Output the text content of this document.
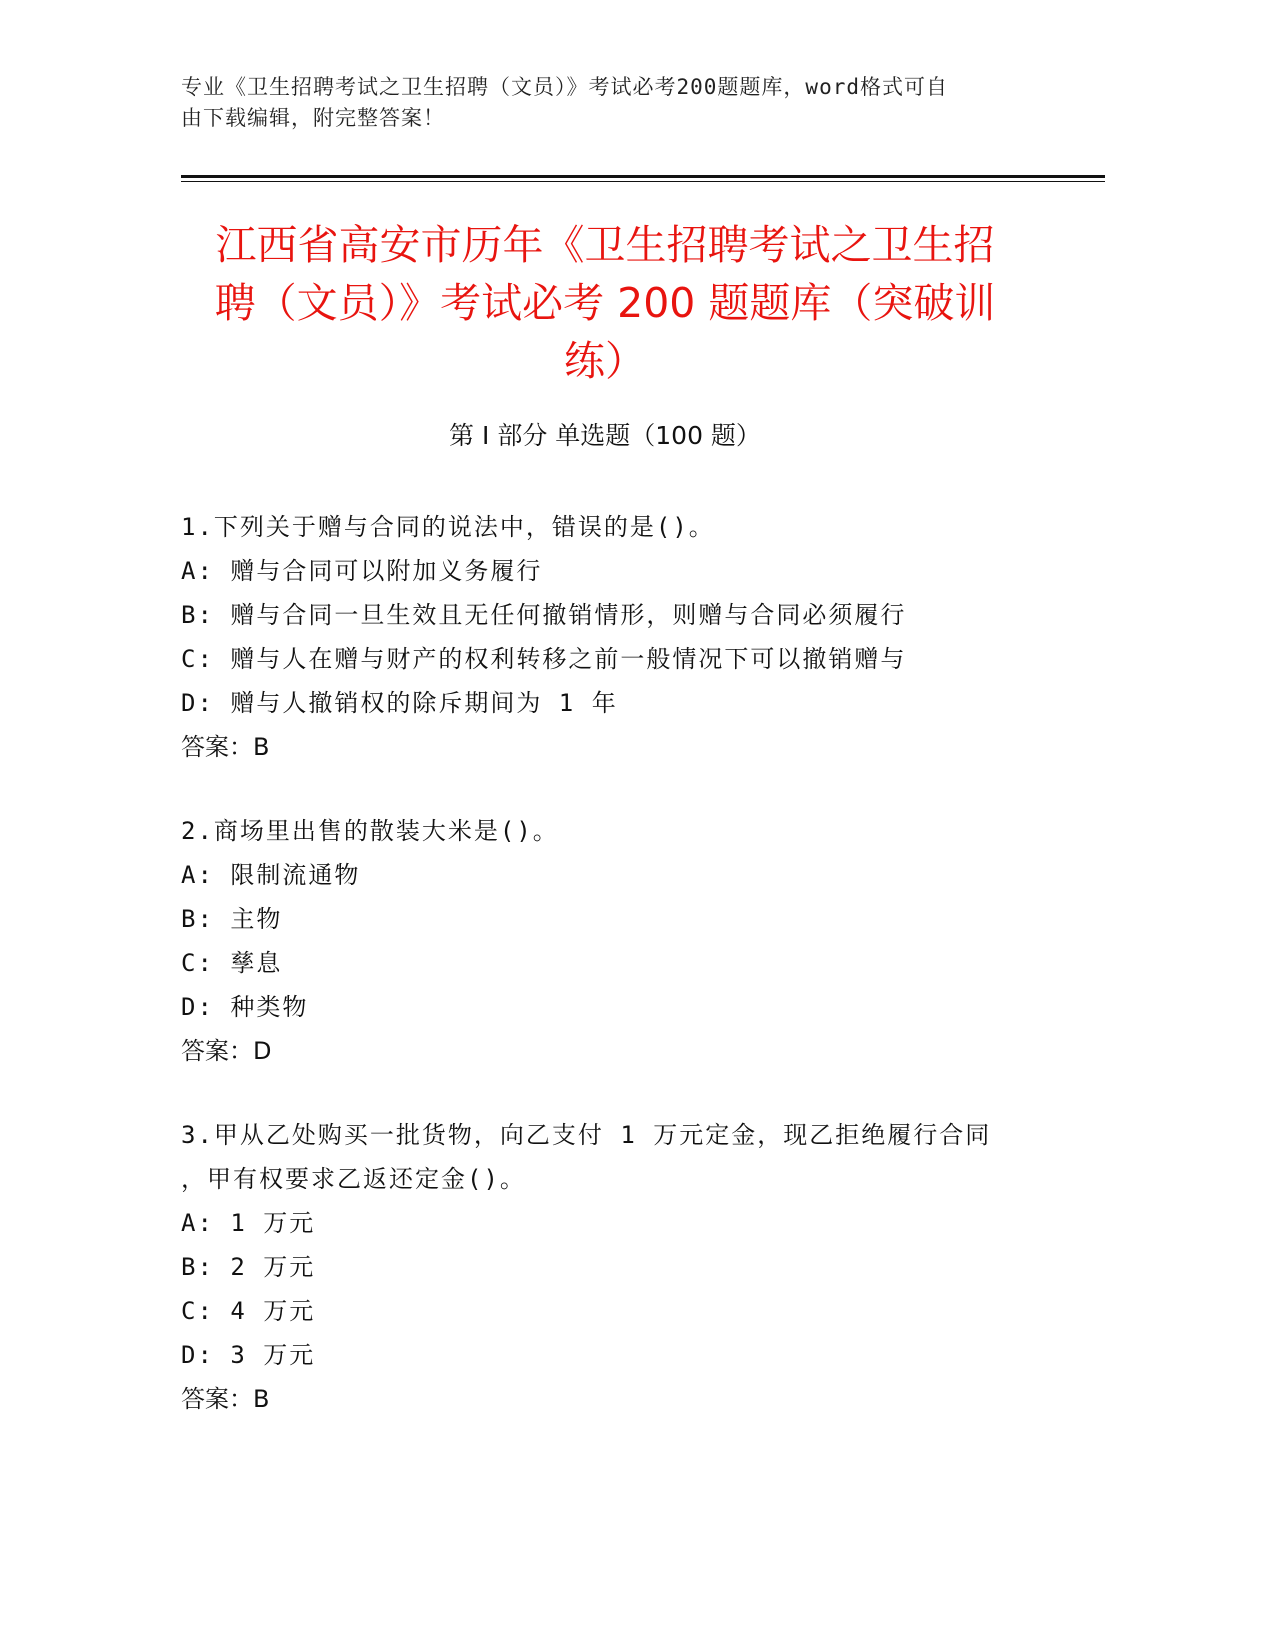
专业《卫生招聘考试之卫生招聘（文员）》考试必考200题题库，word格式可自
由下载编辑，附完整答案！
江西省高安市历年《卫生招聘考试之卫生招
聘（文员）》考试必考 200 题题库（突破训
练）
第 I 部分 单选题（100 题）
1.下列关于赠与合同的说法中，错误的是()。
A: 赠与合同可以附加义务履行
B: 赠与合同一旦生效且无任何撤销情形，则赠与合同必须履行
C: 赠与人在赠与财产的权利转移之前一般情况下可以撤销赠与
D: 赠与人撤销权的除斥期间为 1 年
答案：B
2.商场里出售的散装大米是()。
A: 限制流通物
B: 主物
C: 孳息
D: 种类物
答案：D
3.甲从乙处购买一批货物，向乙支付 1 万元定金，现乙拒绝履行合同
，甲有权要求乙返还定金()。
A: 1 万元
B: 2 万元
C: 4 万元
D: 3 万元
答案：B
